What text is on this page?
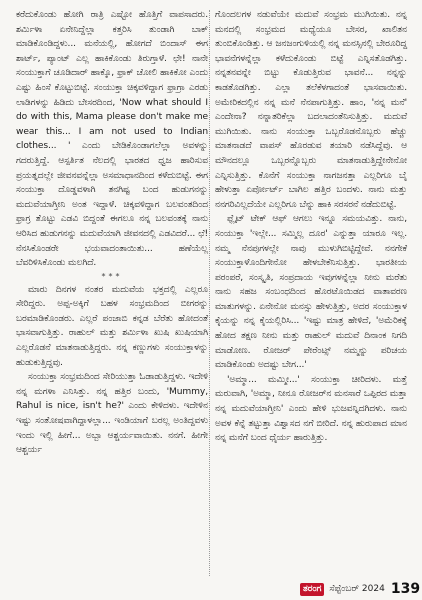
ಕರೆದುಕೊಂಡು ಹೋಗಿ ರಾತ್ರಿ ಎಷ್ಟೋ ಹೊತ್ತಿಗೆ ವಾಪಸಾದರು. ಶರ್ಮಿಳಾ ಏನೇನಿದ್ದೆಲ್ಲಾ ಕತ್ತರಿಸಿ ತುಂಡಾಗಿ ಬಾಕ್ ಮಾಡಿಕೊಂಡಿದ್ದಳು... ಮನೆಯಲ್ಲಿ, ಹೋಗದೆ ಬಿಂದಾಸ್ ಈಗ ಶಾರ್ಟ್, ಪ್ಯಾಂಟ್ ಎಲ್ಲ ಹಾಕಿಕೊಂಡು ತಿರುಗ್ತಾಳೆ. ಛೇ! ನಾನೇ ಸಂಯುಕ್ತಾಗೆ ಚೂಡಿದಾರ್ ಹಾಕ್ಕೊ, ಫ್ರಾಕ್ ಚೋಲಿ ಹಾಕಿಕೋ ಎಂದು ಎಷ್ಟು ಹಿಂಸೆ ಕೊಟ್ಟುಬಿಟ್ಟೆ. ಸಂಯುಕ್ತಾ ಚಿಕ್ಕವಳಿದ್ದಾಗ ಫ್ರಾಗ್ರಾ ಎರಡು ಲಾಡಿಗಳನ್ನು ಹಿಡಿದು ಬೇಸರದಿಂದ, 'Now what should I do with this, Mama please don't make me wear this... I am not used to Indian clothes... ' ಎಂದು ಬೇಡಿಕೊಂಡಾಗಲೆಲ್ಲಾ ಅವಳನ್ನು ಗದರುತ್ತಿದ್ದೆ. ಆಸ್ಪರ್ತಿತ ನೆಲದಲ್ಲಿ ಭಾರತದ ಧ್ವಜ ಹಾರಿಸುವ ಪ್ರಯತ್ನದಲ್ಲೇ ಜೀವನವನ್ನೆಲ್ಲಾ ಅಸಮಾಧಾನದಿಂದ ಕಳೆದುಬಿಟ್ಟೆ. ಈಗ ಸಂಯುಕ್ತಾ ದೊಡ್ಡವಳಾಗಿ ತನಗಿಷ್ಟ ಬಂದ ಹುಡುಗನನ್ನು ಮದುವೆಯಾಗ್ತೀನಿ ಅಂತ ಇದ್ದಾಳೆ. ಚಿಕ್ಕವಳಿದ್ದಾಗ ಬಲವಂತದಿಂದ ಫ್ರಾಗ್ರ ತೊಟ್ಟು ಎಡವಿ ಬಿದ್ದಂತೆ ಈಗಲೂ ನನ್ನ ಬಲವಂತಕ್ಕೆ ನಾನು ಆರಿಸಿದ ಹುಡುಗನನ್ನು ಮದುವೆಯಾಗಿ ಜೀವನದಲ್ಲಿ ಎಡವಿದರೆ... ಛೆ! ನೆನಸಿಕೊಂಡರೇ ಭಯವಾದಂತಾಯಿತು... ಹಣೆಯೆಲ್ಲ ಬೆವರಿಳಿಸಿಕೊಂಡು ಮಲಗಿದೆ.

***

ಮಾರು ದಿನಗಳ ನಂತರ ಮದುವೆಯ ಭಕ್ತದಲ್ಲಿ ಎಲ್ಲರೂ ಸೇರಿದ್ದರು. ಅಪ್ಪ-ಅಕ್ಕಿಗೆ ಬಹಳ ಸಂಭ್ರಮದಿಂದ ಬೀಗರನ್ನು ಬರಮಾಡಿಕೊಂಡರು. ಎಲ್ಲರೆ ಪಂಜಾಬಿ ಕನ್ನಡ ಬೆರೆತು ಹೋದಂತೆ ಭಾಸವಾಗುತ್ತಿತ್ತು. ರಾಹುಲ್ ಮತ್ತು ಶರ್ಮಿಳಾ ಖುಷಿ ಖುಷಿಯಾಗಿ ಎಲ್ಲರೊಡನೆ ಮಾತನಾಡುತ್ತಿದ್ದರು. ನನ್ನ ಕಣ್ಣುಗಳು ಸಂಯುಕ್ತಾಳನ್ನು ಹುಡುಕುತ್ತಿದ್ದವು.

ಸಂಯುಕ್ತಾ ಸಂಭ್ರಮದಿಂದ ಸೇರಿಯುತ್ತಾ ಓಡಾಡುತ್ತಿದ್ದಳು. ಇದೇಳಿ ನನ್ನ ಮಗಳಾ ಎನಿಸಿತ್ತು. ನನ್ನ ಹತ್ತಿರ ಬಂದು, 'Mummy, Rahul is nice, isn't he?' ಎಂದು ಕೇಳಿದಳು. ಇದೇಳಿನ ಇಷ್ಟು ಸಂತೋಷವಾಗಿದ್ದಾಳಲ್ಲಾ... ಇಂಡಿಯಾಗೆ ಬರಲ್ಲ ಅಂತಿದ್ದವಳು ಇಂದು ಇಲ್ಲಿ ಹೀಗೆ... ಅಬ್ಬಾ ಆಶ್ಚರ್ಯವಾಯಿತು. ನನಗೆ. ಹೀಗೇ ಆಶ್ಚರ್ಯ

ಗೊಂದಲಗಳ ನಡುವೆಯೇ ಮದುವೆ ಸಂಭ್ರಮ ಮುಗಿಯಿತು. ನನ್ನ ಮನದಲ್ಲಿ ಸಂಭ್ರಮದ ಮಧ್ಯೆಯೂ ಬೇಸರ, ಖಾಲಿತನ ತುಂಬಿಕೊಂಡಿತ್ತು. ಆ ಜನಜಂಗುಳಿಯಲ್ಲಿ ನನ್ನ ಮನಸ್ಸಿನಲ್ಲಿ ಬೇರೂರಿದ್ದ ಭಾವನೆಗಳನ್ನೆಲ್ಲಾ ಕಳೆದುಕೊಂಡು ಬಿಟ್ಟೆ ಎನ್ನಿಸತೊಡಗಿತ್ತು. ನನ್ನತನವನ್ನೇ ಬಿಟ್ಟು ಕೊಡುತ್ತಿರುವ ಭಾವನೆ... ನನ್ನನ್ನು ಕಾಡತೊಡಗಿತ್ತು. ಎಲ್ಲಾ ತಲೆಕೆಳಗಾದಂತೆ ಭಾಸವಾಯಿತು. ಅಮೇರಿಕದಲ್ಲಿನ ನನ್ನ ಮನೆ ನೆನಪಾಗುತ್ತಿತ್ತು. ಹಾಂ, 'ನನ್ನ ಮನೆ' ಎಂದೇನಾ? ನನ್ನಾತರಿಕೆಲ್ಲಾ ಬದಲಾದಂತೆನಿಸುತ್ತಿತ್ತು. ಮದುವೆ ಮುಗಿಯಿತು. ನಾನು ಸಂಯುಕ್ತಾ ಒಬ್ಬರೊಡನೊಬ್ಬರು ಹೆಚ್ಚು ಮಾತನಾಡದೆ ವಾಪಸ್ ಹೊರಡುವ ತಯಾರಿ ನಡೆಸಿದ್ದೆವು. ಆ ಮೌನದಲ್ಲೂ ಒಬ್ಬರನ್ನೊಬ್ಬರು ಮಾತನಾಡುತ್ತಿದ್ದೇನೇನೋ ಎನ್ನಿಸುತ್ತಿತ್ತು. ಕೊನೆಗೆ ಸಂಯುಕ್ತಾ ನಾಗಜನತ್ತಾ ಎಲ್ಲರಿಗೂ ಬೈ ಹೇಳುತ್ತಾ ಏರ್ಪೋರ್ಟ್ ಬಾಗಿಲ ಹತ್ತಿರ ಬಂದಳು. ನಾನು ಮತ್ತು ನನಗರಿವಿಲ್ಲದೆಯೇ ಎಲ್ಲರಿಗೂ ಬೆನ್ನು ಹಾಕಿ ಸರಸರನೆ ನಡೆದುಬಿಟ್ಟೆ.

ಫ್ಲೈಟ್ ಟೇಕ್ ಆಫ್ ಆಗಲು ಇನ್ನೂ ಸಮಯವಿತ್ತು. ನಾನು, ಸಂಯುಕ್ತಾ 'ಇಲ್ಲೇ... ಸಮ್ಮಿಲ್ಲ ದೂರ' ಎನ್ನುತ್ತಾ ಯಾರೂ ಇಲ್ಲ. ನಮ್ಮ ನೆನಪುಗಳಲ್ಲೇ ನಾವು ಮುಳುಗಿಬಿಟ್ಟಿದ್ದೇವೆ. ನನಗೇಕೆ ಸಂಯುಕ್ತಾಳೊಂದಿಗೇನೋ ಹೇಳಬೇಕೆನಿಸುತ್ತಿತ್ತು. ಭಾರತೀಯ ಪರಂಪರೆ, ಸಂಸ್ಕೃತಿ, ಸಂಪ್ರದಾಯ ಇವುಗಳನ್ನೆಲ್ಲಾ ನೀನು ಮರೆತು ನಾನು ಸಹಜ ಸಂಬಂಧದಿಂದ ಹೊರಟೊಯಿಡದ ವಾತಾವರಣ ಮಾತುಗಳನ್ನು. ಏನೇನೋ ಮನಸ್ಸು ಹೇಳುತ್ತಿತ್ತು, ಅದರ ಸಂಯುಕ್ತಾಳ ಕೈಯನ್ನು ನನ್ನ ಕೈಯಲ್ಲಿರಿಸಿ... 'ಇಷ್ಟು ಮಾತ್ರ ಹೇಳಿದೆ, 'ಅಮೆರಿಕಕ್ಕೆ ಹೋದ ತಕ್ಷಣ ನೀನು ಮತ್ತು ರಾಹುಲ್ ಮದುವೆ ದಿನಾಂಕ ನಿಗದಿ ಮಾಡೋಣ. ರೋಜರ್ ಪೇರೆಂಟ್ಸ್ ನಮ್ಮನ್ನು ಪರಿಚಯ ಮಾಡಿಕೊಂಡು ಅದಷ್ಟು ಬೇಗ...'

'ಅಮ್ಮಾ... ಮಮ್ಮೀ...' ಸಂಯುಕ್ತಾ ಚೀರಿದಳು. ಮತ್ತೆ ಮರುವಾಗಿ, 'ಅಮ್ಮಾ, ನೀನೂ ರೋಜರ್‌ನ ಮನಸಾರೆ ಒಪ್ಪಿರದ ಮತ್ತಾ ನನ್ನ ಮದುವೆಯಾಗ್ತೀನಿ' ಎಂದು ಹೇಳಿ ಭುಜವನ್ನಿದಗಿದಳು. ನಾನು ಅವಳ ಕೆನ್ನೆ ತಟ್ಟುತ್ತಾ ವಿಶ್ವಾಸದ ನಗೆ ಬೀರಿದೆ. ನನ್ನ ಹುರುಪಾದ ಮಾನ ನನ್ನ ಮನೆಗೆ ಬಂದ ಧೈರ್ಯ ಹಾರುತ್ತಿತ್ತು.

ತರಂಗ ಸೆಪ್ಟೆಂಬರ್ 2024 139
